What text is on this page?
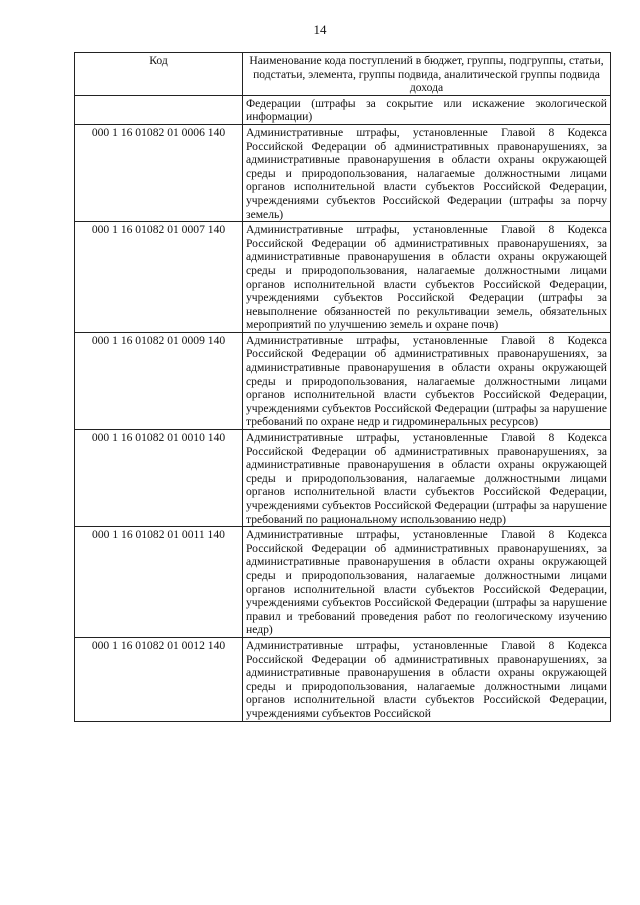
14
Код	Наименование кода поступлений в бюджет, группы, подгруппы, статьи, подстатьи, элемента, группы подвида, аналитической группы подвида дохода
	Федерации (штрафы за сокрытие или искажение экологической информации)
000 1 16 01082 01 0006 140	Административные штрафы, установленные Главой 8 Кодекса Российской Федерации об административных правонарушениях, за административные правонарушения в области охраны окружающей среды и природопользования, налагаемые должностными лицами органов исполнительной власти субъектов Российской Федерации, учреждениями субъектов Российской Федерации (штрафы за порчу земель)
000 1 16 01082 01 0007 140	Административные штрафы, установленные Главой 8 Кодекса Российской Федерации об административных правонарушениях, за административные правонарушения в области охраны окружающей среды и природопользования, налагаемые должностными лицами органов исполнительной власти субъектов Российской Федерации, учреждениями субъектов Российской Федерации (штрафы за невыполнение обязанностей по рекультивации земель, обязательных мероприятий по улучшению земель и охране почв)
000 1 16 01082 01 0009 140	Административные штрафы, установленные Главой 8 Кодекса Российской Федерации об административных правонарушениях, за административные правонарушения в области охраны окружающей среды и природопользования, налагаемые должностными лицами органов исполнительной власти субъектов Российской Федерации, учреждениями субъектов Российской Федерации (штрафы за нарушение требований по охране недр и гидроминеральных ресурсов)
000 1 16 01082 01 0010 140	Административные штрафы, установленные Главой 8 Кодекса Российской Федерации об административных правонарушениях, за административные правонарушения в области охраны окружающей среды и природопользования, налагаемые должностными лицами органов исполнительной власти субъектов Российской Федерации, учреждениями субъектов Российской Федерации (штрафы за нарушение требований по рациональному использованию недр)
000 1 16 01082 01 0011 140	Административные штрафы, установленные Главой 8 Кодекса Российской Федерации об административных правонарушениях, за административные правонарушения в области охраны окружающей среды и природопользования, налагаемые должностными лицами органов исполнительной власти субъектов Российской Федерации, учреждениями субъектов Российской Федерации (штрафы за нарушение правил и требований проведения работ по геологическому изучению недр)
000 1 16 01082 01 0012 140	Административные штрафы, установленные Главой 8 Кодекса Российской Федерации об административных правонарушениях, за административные правонарушения в области охраны окружающей среды и природопользования, налагаемые должностными лицами органов исполнительной власти субъектов Российской Федерации, учреждениями субъектов Российской
